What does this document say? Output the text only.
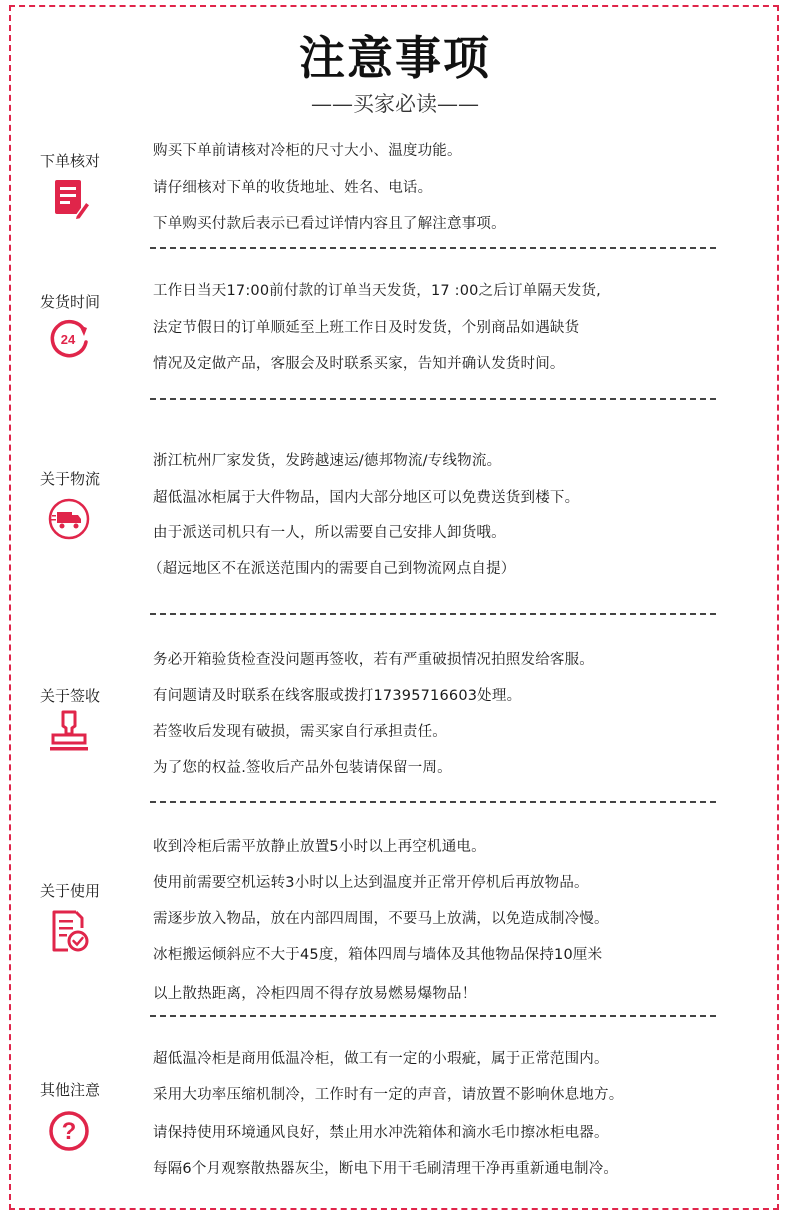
注意事项
——买家必读——
下单核对
购买下单前请核对冷柜的尺寸大小、温度功能。
请仔细核对下单的收货地址、姓名、电话。
下单购买付款后表示已看过详情内容且了解注意事项。
发货时间
24
工作日当天17:00前付款的订单当天发货，17 :00之后订单隔天发货,
法定节假日的订单顺延至上班工作日及时发货，个别商品如遇缺货
情况及定做产品，客服会及时联系买家，告知并确认发货时间。
关于物流
浙江杭州厂家发货，发跨越速运/德邦物流/专线物流。
超低温冰柜属于大件物品，国内大部分地区可以免费送货到楼下。
由于派送司机只有一人，所以需要自己安排人卸货哦。
（超远地区不在派送范围内的需要自己到物流网点自提）
关于签收
务必开箱验货检查没问题再签收，若有严重破损情况拍照发给客服。
有问题请及时联系在线客服或拨打17395716603处理。
若签收后发现有破损，需买家自行承担责任。
为了您的权益.签收后产品外包装请保留一周。
关于使用
收到冷柜后需平放静止放置5小时以上再空机通电。
使用前需要空机运转3小时以上达到温度并正常开停机后再放物品。
需逐步放入物品，放在内部四周围，不要马上放满，以免造成制冷慢。
冰柜搬运倾斜应不大于45度，箱体四周与墙体及其他物品保持10厘米
以上散热距离，冷柜四周不得存放易燃易爆物品！
其他注意
?
超低温冷柜是商用低温冷柜，做工有一定的小瑕疵，属于正常范围内。
采用大功率压缩机制冷，工作时有一定的声音，请放置不影响休息地方。
请保持使用环境通风良好，禁止用水冲洗箱体和滴水毛巾擦冰柜电器。
每隔6个月观察散热器灰尘，断电下用干毛刷清理干净再重新通电制冷。
